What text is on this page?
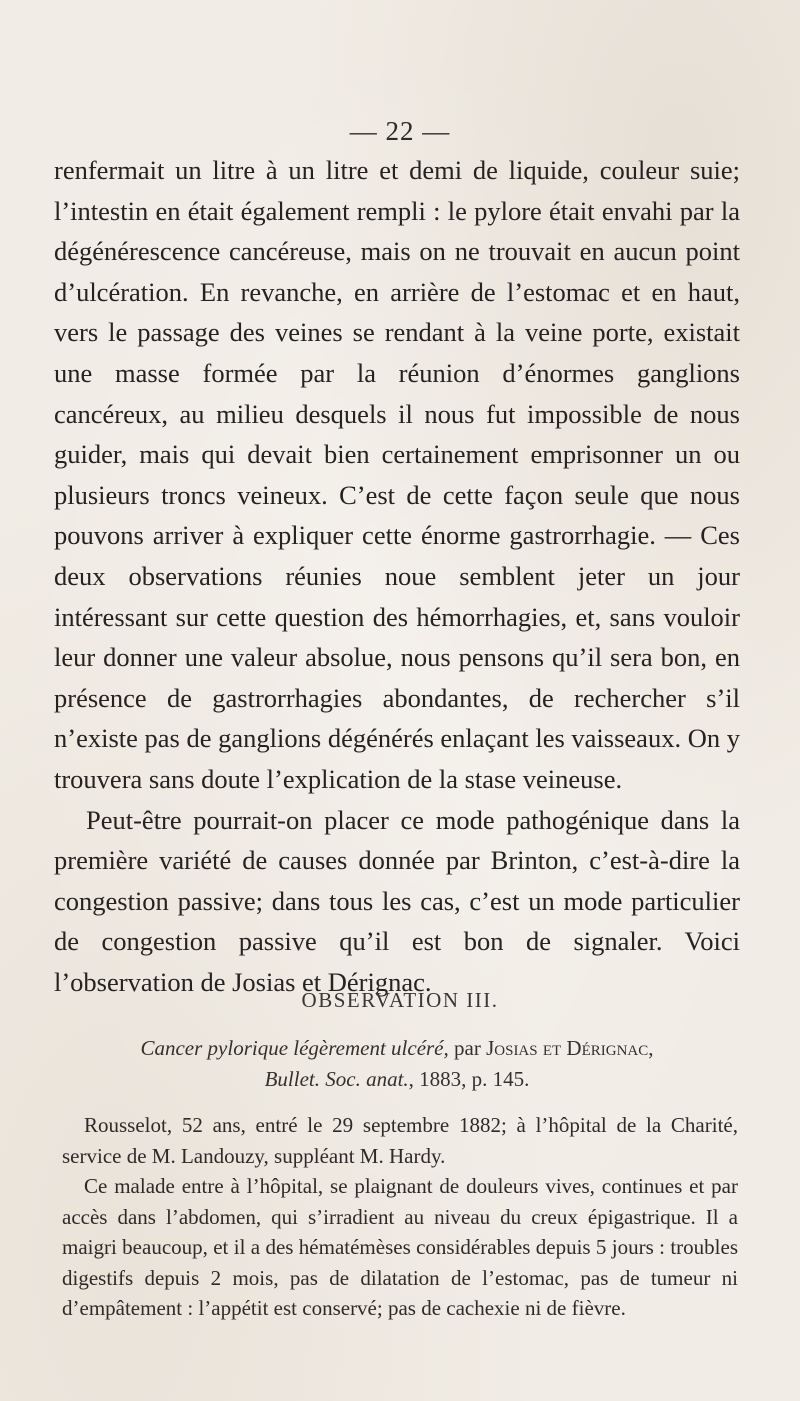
— 22 —

renfermait un litre à un litre et demi de liquide, couleur suie; l’intestin en était également rempli : le pylore était envahi par la dégénérescence cancéreuse, mais on ne trouvait en aucun point d’ulcération. En revanche, en arrière de l’estomac et en haut, vers le passage des veines se rendant à la veine porte, existait une masse formée par la réunion d’énormes ganglions cancéreux, au milieu desquels il nous fut impossible de nous guider, mais qui devait bien certainement emprisonner un ou plusieurs troncs veineux. C’est de cette façon seule que nous pouvons arriver à expliquer cette énorme gastrorrhagie. — Ces deux observations réunies noue semblent jeter un jour intéressant sur cette question des hémorrhagies, et, sans vouloir leur donner une valeur absolue, nous pensons qu’il sera bon, en présence de gastrorrhagies abondantes, de rechercher s’il n’existe pas de ganglions dégénérés enlaçant les vaisseaux. On y trouvera sans doute l’explication de la stase veineuse.

Peut-être pourrait-on placer ce mode pathogénique dans la première variété de causes donnée par Brinton, c’est-à-dire la congestion passive; dans tous les cas, c’est un mode particulier de congestion passive qu’il est bon de signaler. Voici l’observation de Josias et Dérignac.

OBSERVATION III.
Cancer pylorique légèrement ulcéré, par Josias et Dérignac,
Bullet. Soc. anat., 1883, p. 145.

Rousselot, 52 ans, entré le 29 septembre 1882; à l’hôpital de la Charité, service de M. Landouzy, suppléant M. Hardy.

Ce malade entre à l’hôpital, se plaignant de douleurs vives, continues et par accès dans l’abdomen, qui s’irradient au niveau du creux épigastrique. Il a maigri beaucoup, et il a des hématémèses considérables depuis 5 jours : troubles digestifs depuis 2 mois, pas de dilatation de l’estomac, pas de tumeur ni d’empâtement : l’appétit est conservé; pas de cachexie ni de fièvre.
